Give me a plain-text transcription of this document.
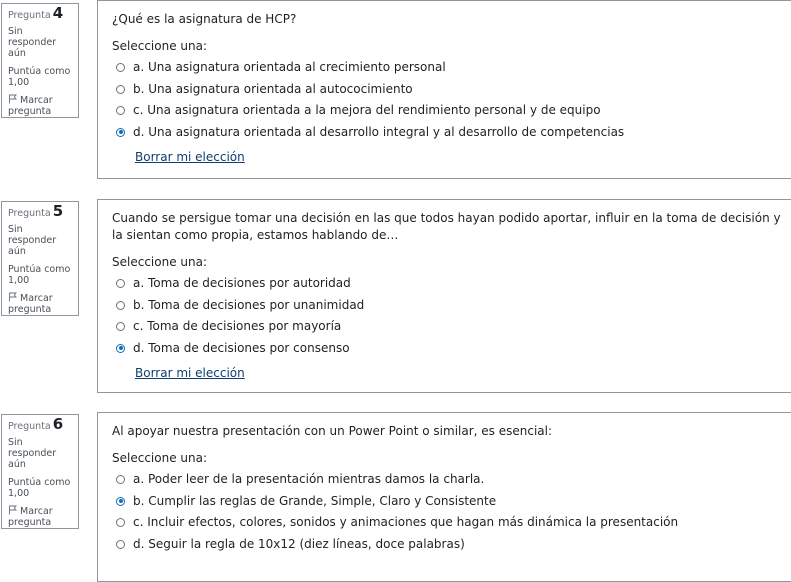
Pregunta 4
Sin responder aún
Puntúa como 1,00
Marcar pregunta

¿Qué es la asignatura de HCP?

Seleccione una:
a. Una asignatura orientada al crecimiento personal
b. Una asignatura orientada al autococimiento
c. Una asignatura orientada a la mejora del rendimiento personal y de equipo
d. Una asignatura orientada al desarrollo integral y al desarrollo de competencias
Borrar mi elección
Pregunta 5
Sin responder aún
Puntúa como 1,00
Marcar pregunta

Cuando se persigue tomar una decisión en las que todos hayan podido aportar, influir en la toma de decisión y la sientan como propia, estamos hablando de…

Seleccione una:
a. Toma de decisiones por autoridad
b. Toma de decisiones por unanimidad
c. Toma de decisiones por mayoría
d. Toma de decisiones por consenso
Borrar mi elección
Pregunta 6
Sin responder aún
Puntúa como 1,00
Marcar pregunta

Al apoyar nuestra presentación con un Power Point o similar, es esencial:

Seleccione una:
a. Poder leer de la presentación mientras damos la charla.
b. Cumplir las reglas de Grande, Simple, Claro y Consistente
c. Incluir efectos, colores, sonidos y animaciones que hagan más dinámica la presentación
d. Seguir la regla de 10x12 (diez líneas, doce palabras)
